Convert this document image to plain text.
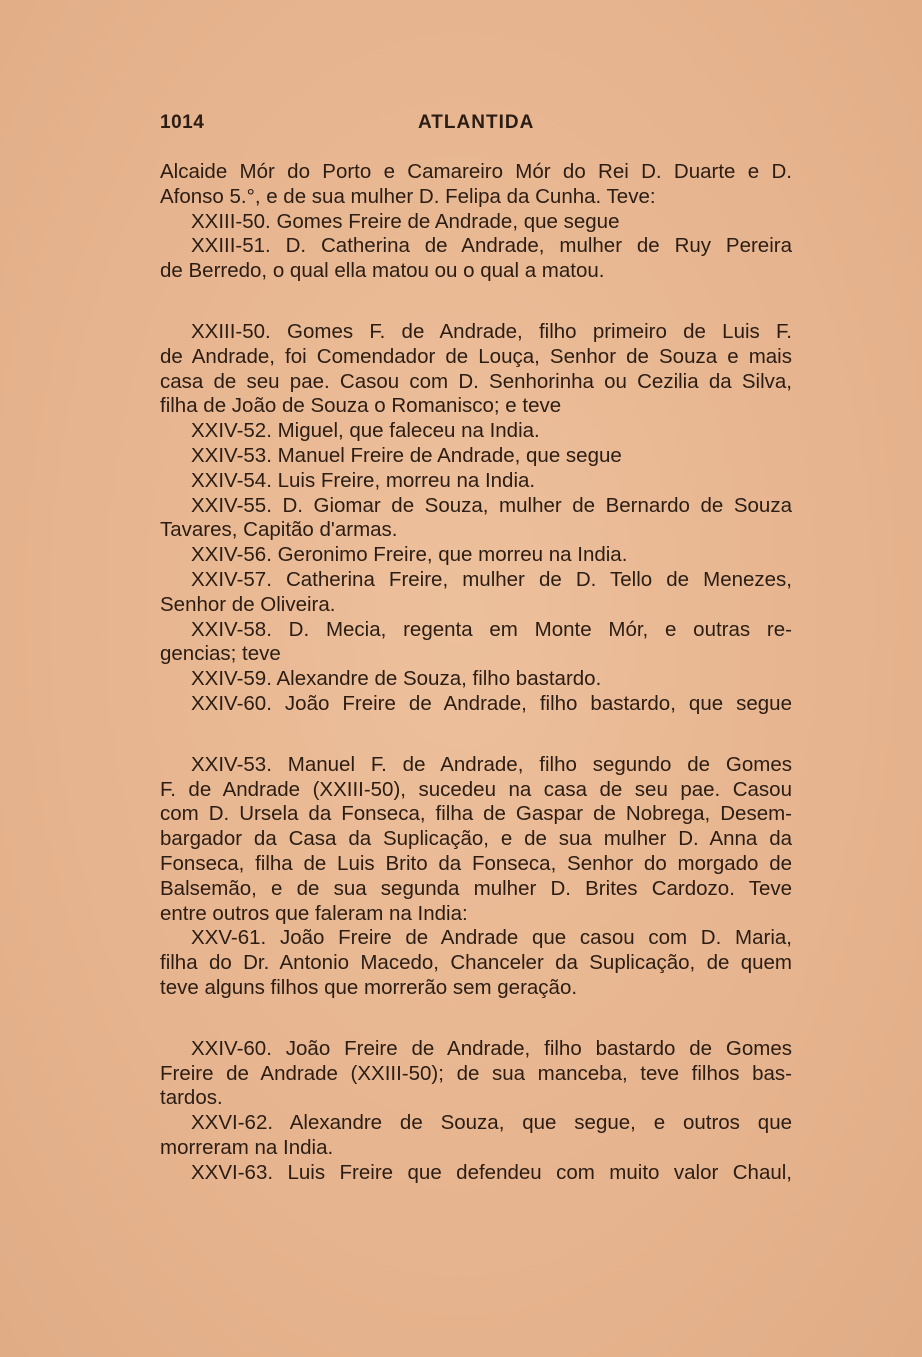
1014	ATLANTIDA
Alcaide Mór do Porto e Camareiro Mór do Rei D. Duarte e D.
Afonso 5.°, e de sua mulher D. Felipa da Cunha. Teve:
XXIII-50. Gomes Freire de Andrade, que segue
XXIII-51. D. Catherina de Andrade, mulher de Ruy Pereira
de Berredo, o qual ella matou ou o qual a matou.
XXIII-50. Gomes F. de Andrade, filho primeiro de Luis F.
de Andrade, foi Comendador de Louça, Senhor de Souza e mais
casa de seu pae. Casou com D. Senhorinha ou Cezilia da Silva,
filha de João de Souza o Romanisco; e teve
XXIV-52. Miguel, que faleceu na India.
XXIV-53. Manuel Freire de Andrade, que segue
XXIV-54. Luis Freire, morreu na India.
XXIV-55. D. Giomar de Souza, mulher de Bernardo de Souza
Tavares, Capitão d'armas.
XXIV-56. Geronimo Freire, que morreu na India.
XXIV-57. Catherina Freire, mulher de D. Tello de Menezes,
Senhor de Oliveira.
XXIV-58. D. Mecia, regenta em Monte Mór, e outras re-
gencias; teve
XXIV-59. Alexandre de Souza, filho bastardo.
XXIV-60. João Freire de Andrade, filho bastardo, que segue
XXIV-53. Manuel F. de Andrade, filho segundo de Gomes
F. de Andrade (XXIII-50), sucedeu na casa de seu pae. Casou
com D. Ursela da Fonseca, filha de Gaspar de Nobrega, Desem-
bargador da Casa da Suplicação, e de sua mulher D. Anna da
Fonseca, filha de Luis Brito da Fonseca, Senhor do morgado de
Balsemão, e de sua segunda mulher D. Brites Cardozo. Teve
entre outros que faleram na India:
XXV-61. João Freire de Andrade que casou com D. Maria,
filha do Dr. Antonio Macedo, Chanceler da Suplicação, de quem
teve alguns filhos que morrerão sem geração.
XXIV-60. João Freire de Andrade, filho bastardo de Gomes
Freire de Andrade (XXIII-50); de sua manceba, teve filhos bas-
tardos.
XXVI-62. Alexandre de Souza, que segue, e outros que
morreram na India.
XXVI-63. Luis Freire que defendeu com muito valor Chaul,
